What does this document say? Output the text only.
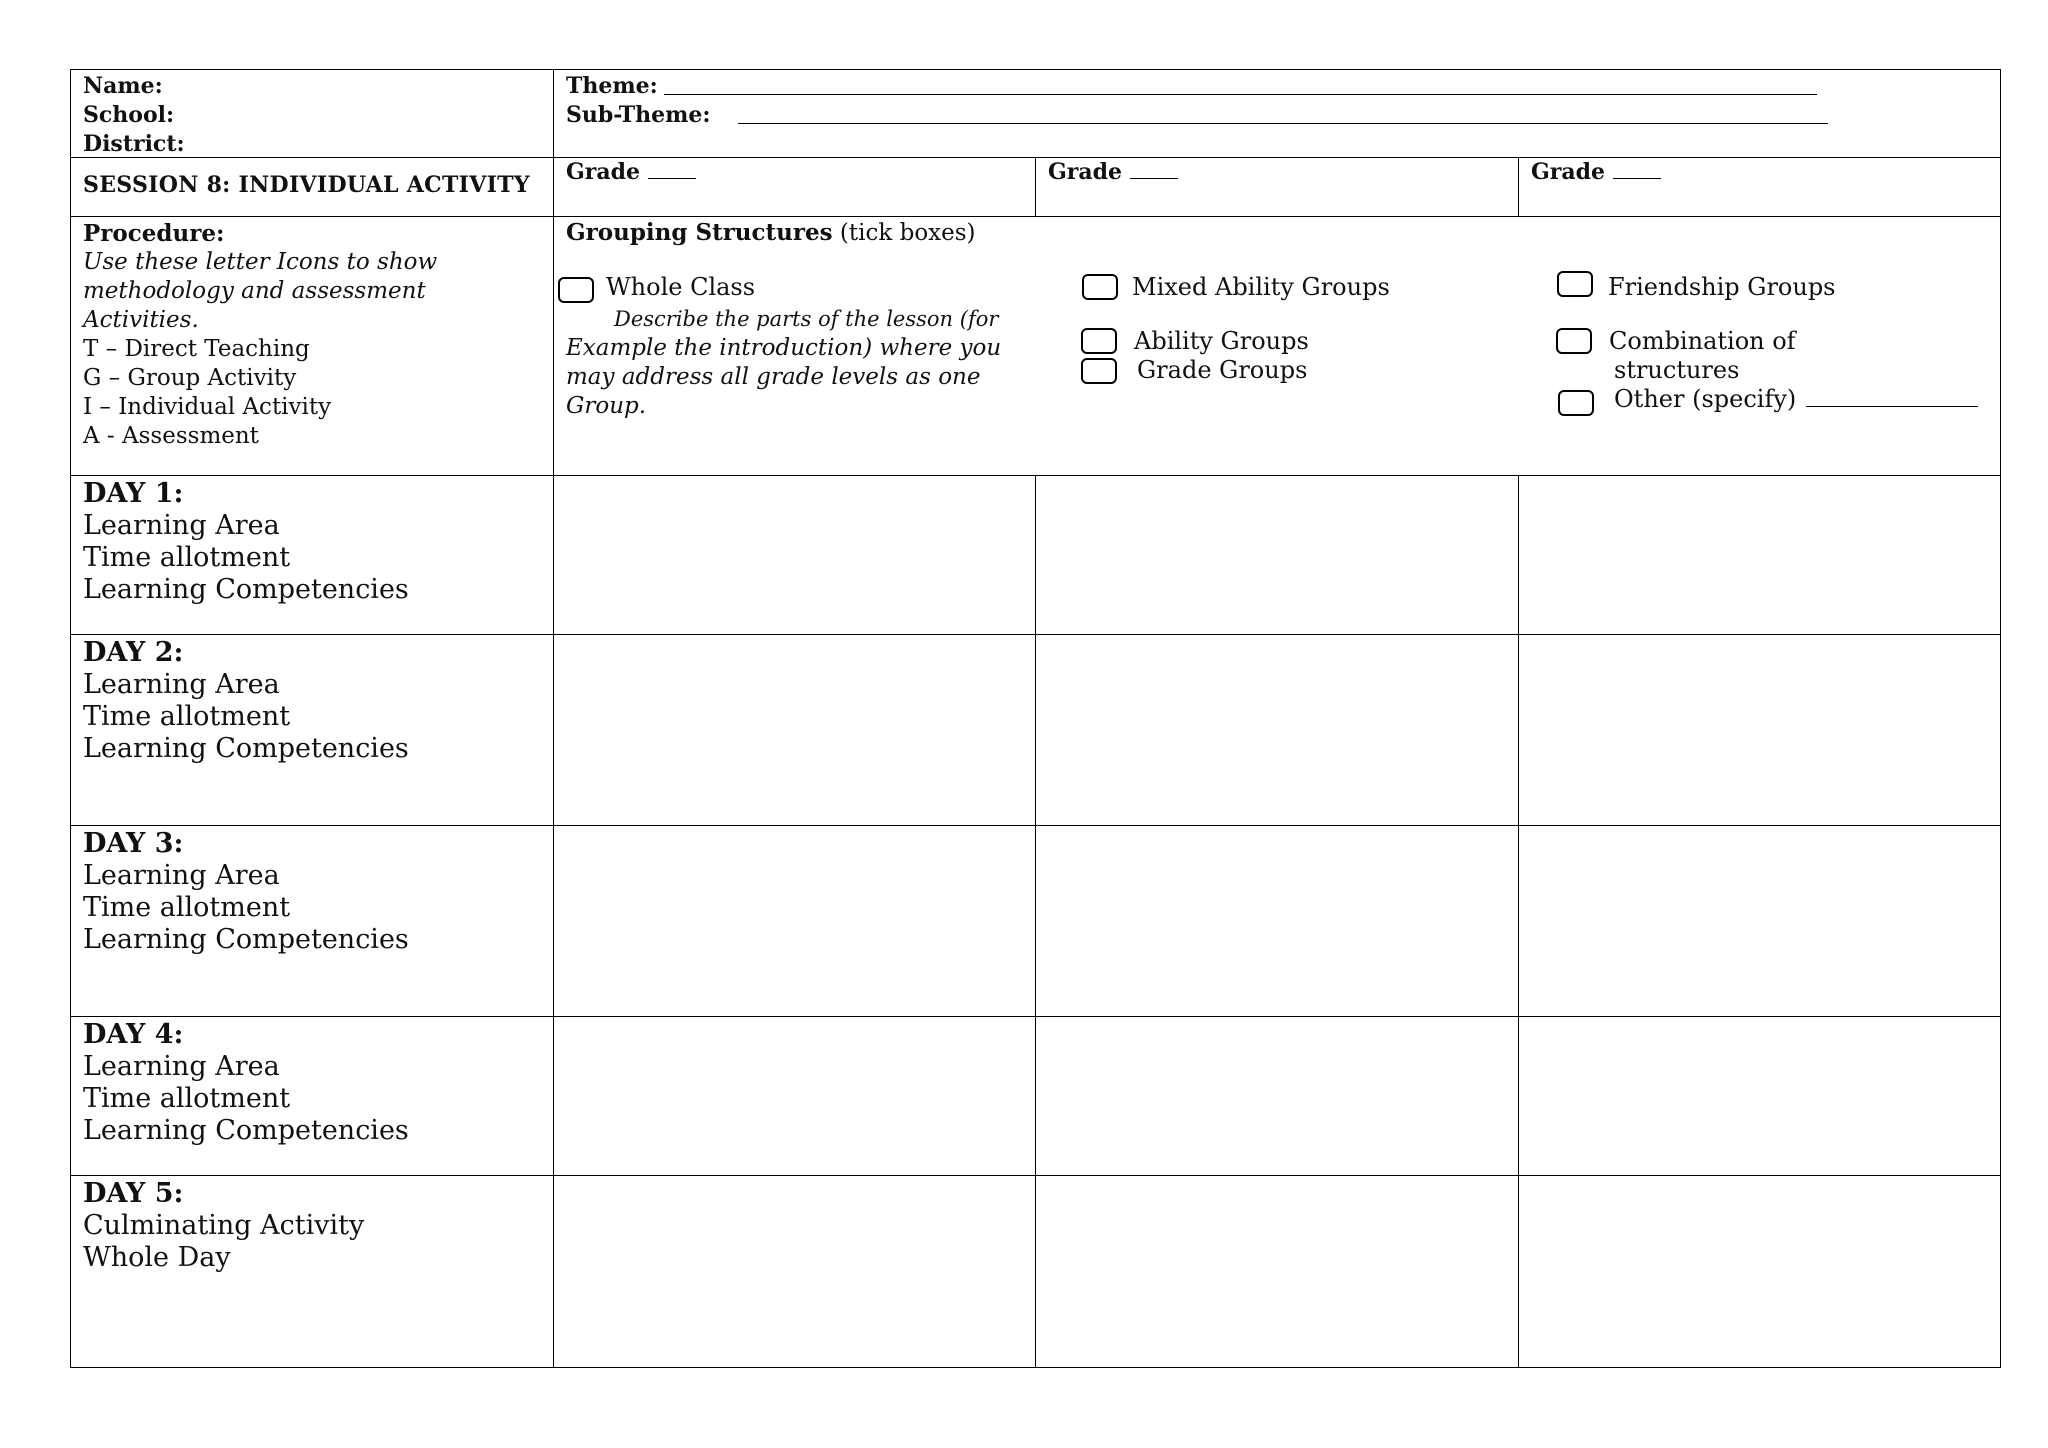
Name:
School:
District:
Theme:
Sub-Theme:
SESSION 8: INDIVIDUAL ACTIVITY Grade	Grade	Grade
Procedure:
Use these letter Icons to show
methodology and assessment
Activities.
T – Direct Teaching
G – Group Activity
I – Individual Activity
A - Assessment
Grouping Structures (tick boxes)
Whole Class
Describe the parts of the lesson (for
Example the introduction) where you
may address all grade levels as one
Group.
Mixed Ability Groups
Ability Groups
Grade Groups
Friendship Groups
Combination of
structures
Other (specify)
DAY 1:
Learning Area
Time allotment
Learning Competencies
DAY 2:
Learning Area
Time allotment
Learning Competencies
DAY 3:
Learning Area
Time allotment
Learning Competencies
DAY 4:
Learning Area
Time allotment
Learning Competencies
DAY 5:
Culminating Activity
Whole Day
